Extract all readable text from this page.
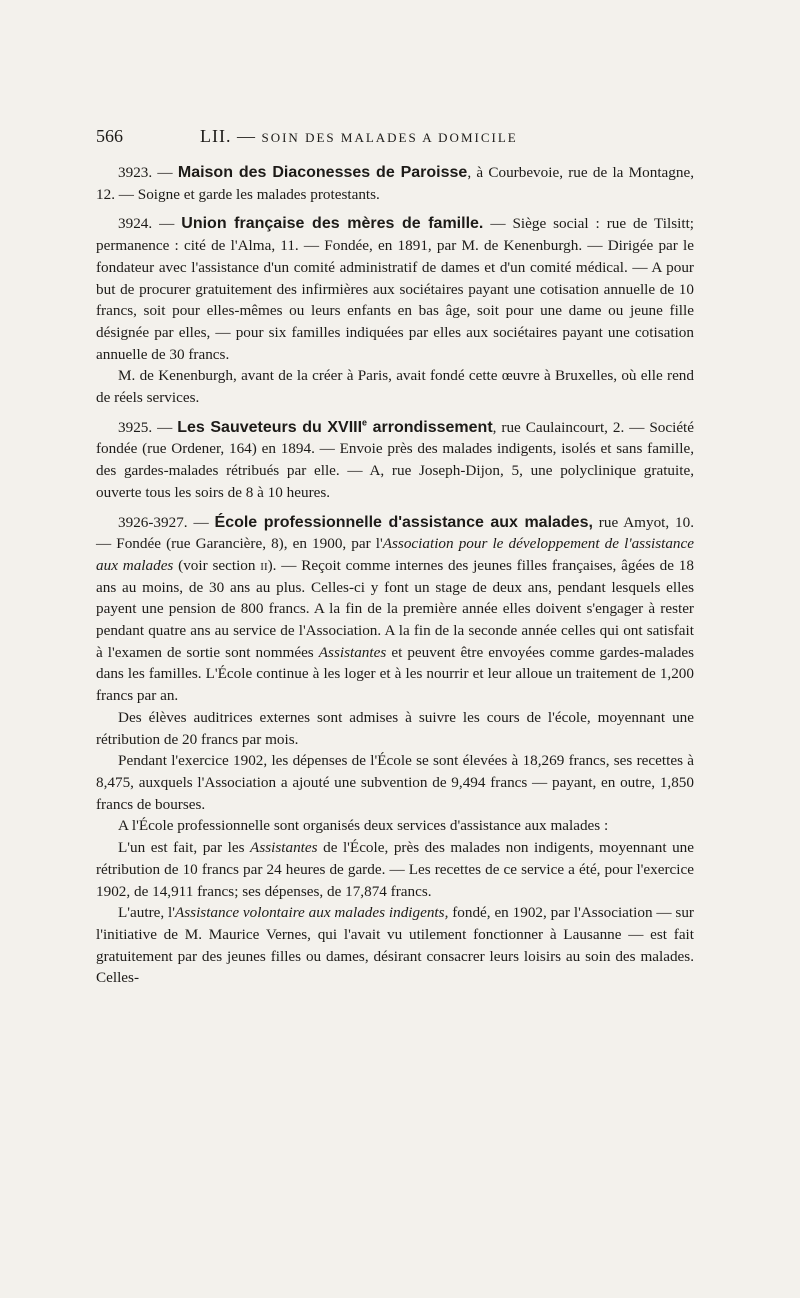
566	LII. — SOIN DES MALADES A DOMICILE

3923. — Maison des Diaconesses de Paroisse, à Courbevoie, rue de la Montagne, 12. — Soigne et garde les malades protestants.

3924. — Union française des mères de famille. — Siège social : rue de Tilsitt; permanence : cité de l'Alma, 11. — Fondée, en 1891, par M. de Kenenburgh. — Dirigée par le fondateur avec l'assistance d'un comité administratif de dames et d'un comité médical. — A pour but de procurer gratuitement des infirmières aux sociétaires payant une cotisation annuelle de 10 francs, soit pour elles-mêmes ou leurs enfants en bas âge, soit pour une dame ou jeune fille désignée par elles, — pour six familles indiquées par elles aux sociétaires payant une cotisation annuelle de 30 francs.

M. de Kenenburgh, avant de la créer à Paris, avait fondé cette œuvre à Bruxelles, où elle rend de réels services.

3925. — Les Sauveteurs du XVIIIe arrondissement, rue Caulaincourt, 2. — Société fondée (rue Ordener, 164) en 1894. — Envoie près des malades indigents, isolés et sans famille, des gardes-malades rétribués par elle. — A, rue Joseph-Dijon, 5, une polyclinique gratuite, ouverte tous les soirs de 8 à 10 heures.

3926-3927. — École professionnelle d'assistance aux malades, rue Amyot, 10. — Fondée (rue Garancière, 8), en 1900, par l'Association pour le développement de l'assistance aux malades (voir section ii). — Reçoit comme internes des jeunes filles françaises, âgées de 18 ans au moins, de 30 ans au plus. Celles-ci y font un stage de deux ans, pendant lesquels elles payent une pension de 800 francs. A la fin de la première année elles doivent s'engager à rester pendant quatre ans au service de l'Association. A la fin de la seconde année celles qui ont satisfait à l'examen de sortie sont nommées Assistantes et peuvent être envoyées comme gardes-malades dans les familles. L'École continue à les loger et à les nourrir et leur alloue un traitement de 1,200 francs par an.

Des élèves auditrices externes sont admises à suivre les cours de l'école, moyennant une rétribution de 20 francs par mois.

Pendant l'exercice 1902, les dépenses de l'École se sont élevées à 18,269 francs, ses recettes à 8,475, auxquels l'Association a ajouté une subvention de 9,494 francs — payant, en outre, 1,850 francs de bourses.

A l'École professionnelle sont organisés deux services d'assistance aux malades :

L'un est fait, par les Assistantes de l'École, près des malades non indigents, moyennant une rétribution de 10 francs par 24 heures de garde. — Les recettes de ce service a été, pour l'exercice 1902, de 14,911 francs; ses dépenses, de 17,874 francs.

L'autre, l'Assistance volontaire aux malades indigents, fondé, en 1902, par l'Association — sur l'initiative de M. Maurice Vernes, qui l'avait vu utilement fonctionner à Lausanne — est fait gratuitement par des jeunes filles ou dames, désirant consacrer leurs loisirs au soin des malades. Celles-
